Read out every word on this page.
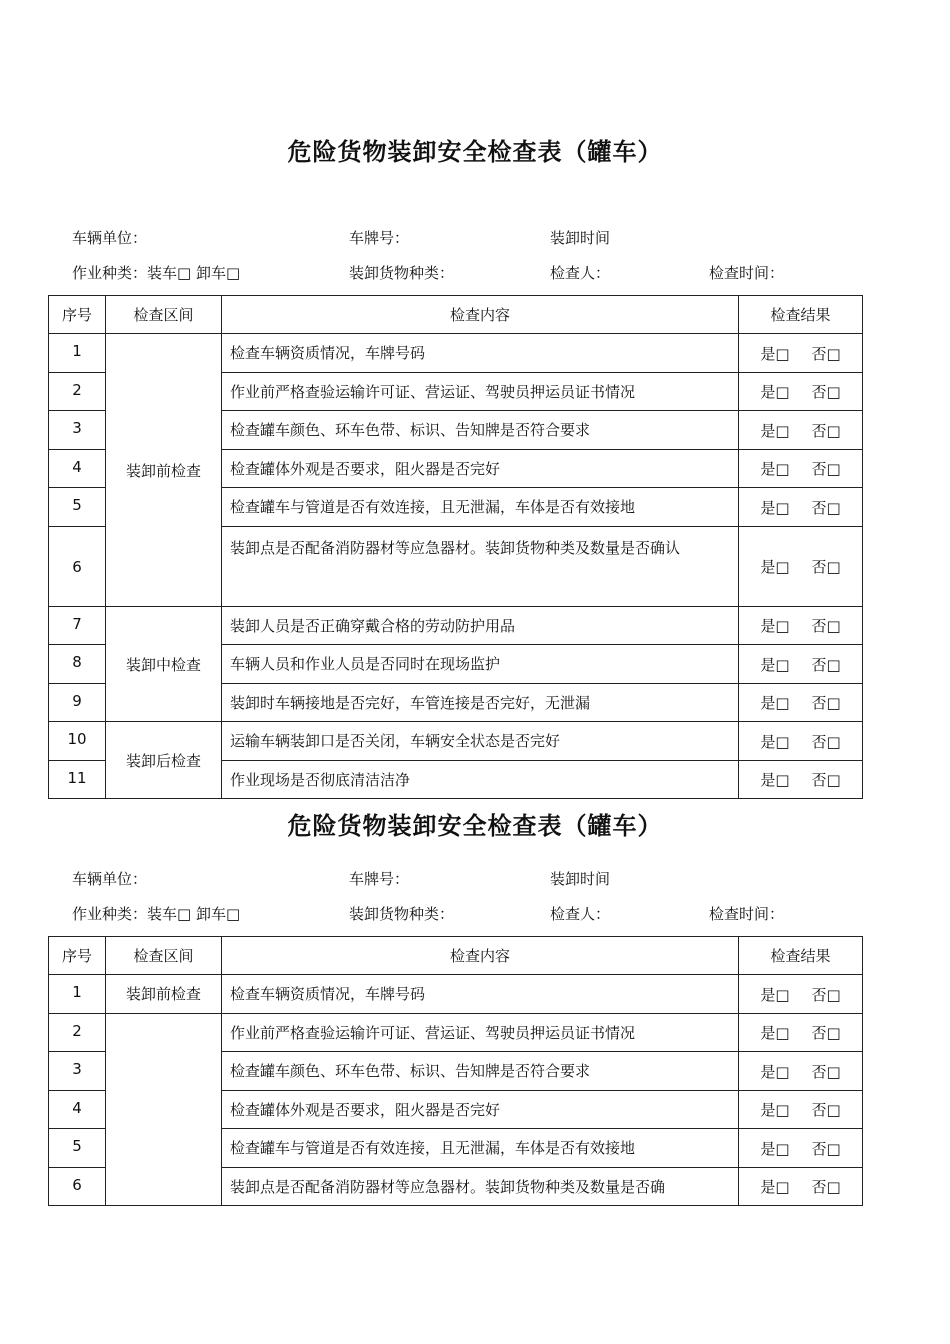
危险货物装卸安全检查表（罐车）
车辆单位：	车牌号：	装卸时间
作业种类：装车□ 卸车□	装卸货物种类：	检查人：	检查时间：
序号	检查区间	检查内容	检查结果
1	装卸前检查	检查车辆资质情况，车牌号码	是□ 否□
2		作业前严格查验运输许可证、营运证、驾驶员押运员证书情况	是□ 否□
3		检查罐车颜色、环车色带、标识、告知牌是否符合要求	是□ 否□
4		检查罐体外观是否要求，阻火器是否完好	是□ 否□
5		检查罐车与管道是否有效连接，且无泄漏，车体是否有效接地	是□ 否□
6		装卸点是否配备消防器材等应急器材。装卸货物种类及数量是否确认	是□ 否□
7	装卸中检查	装卸人员是否正确穿戴合格的劳动防护用品	是□ 否□
8		车辆人员和作业人员是否同时在现场监护	是□ 否□
9		装卸时车辆接地是否完好，车管连接是否完好，无泄漏	是□ 否□
10	装卸后检查	运输车辆装卸口是否关闭，车辆安全状态是否完好	是□ 否□
11		作业现场是否彻底清洁洁净	是□ 否□
危险货物装卸安全检查表（罐车）
车辆单位：	车牌号：	装卸时间
作业种类：装车□ 卸车□	装卸货物种类：	检查人：	检查时间：
序号	检查区间	检查内容	检查结果
1	装卸前检查	检查车辆资质情况，车牌号码	是□ 否□
2		作业前严格查验运输许可证、营运证、驾驶员押运员证书情况	是□ 否□
3		检查罐车颜色、环车色带、标识、告知牌是否符合要求	是□ 否□
4		检查罐体外观是否要求，阻火器是否完好	是□ 否□
5		检查罐车与管道是否有效连接，且无泄漏，车体是否有效接地	是□ 否□
6		装卸点是否配备消防器材等应急器材。装卸货物种类及数量是否确	是□ 否□
